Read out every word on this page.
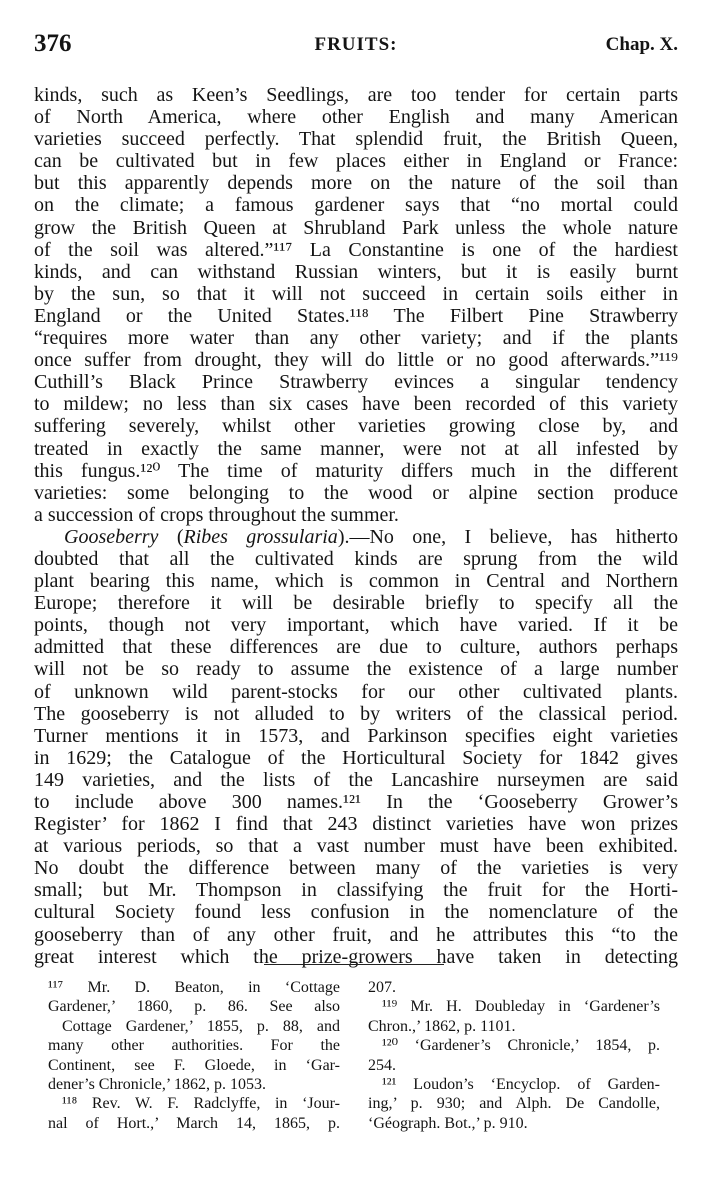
376	FRUITS:	Chap. X.
kinds, such as Keen’s Seedlings, are too tender for certain parts
of North America, where other English and many American
varieties succeed perfectly. That splendid fruit, the British Queen,
can be cultivated but in few places either in England or France:
but this apparently depends more on the nature of the soil than
on the climate; a famous gardener says that “no mortal could
grow the British Queen at Shrubland Park unless the whole nature
of the soil was altered.”¹¹⁷ La Constantine is one of the hardiest
kinds, and can withstand Russian winters, but it is easily burnt
by the sun, so that it will not succeed in certain soils either in
England or the United States.¹¹⁸ The Filbert Pine Strawberry
“requires more water than any other variety; and if the plants
once suffer from drought, they will do little or no good afterwards.”¹¹⁹
Cuthill’s Black Prince Strawberry evinces a singular tendency
to mildew; no less than six cases have been recorded of this variety
suffering severely, whilst other varieties growing close by, and
treated in exactly the same manner, were not at all infested by
this fungus.¹²⁰ The time of maturity differs much in the different
varieties: some belonging to the wood or alpine section produce
a succession of crops throughout the summer.
Gooseberry (Ribes grossularia).—No one, I believe, has hitherto
doubted that all the cultivated kinds are sprung from the wild
plant bearing this name, which is common in Central and Northern
Europe; therefore it will be desirable briefly to specify all the
points, though not very important, which have varied. If it be
admitted that these differences are due to culture, authors perhaps
will not be so ready to assume the existence of a large number
of unknown wild parent-stocks for our other cultivated plants.
The gooseberry is not alluded to by writers of the classical period.
Turner mentions it in 1573, and Parkinson specifies eight varieties
in 1629; the Catalogue of the Horticultural Society for 1842 gives
149 varieties, and the lists of the Lancashire nurseymen are said
to include above 300 names.¹²¹ In the ‘Gooseberry Grower’s
Register’ for 1862 I find that 243 distinct varieties have won prizes
at various periods, so that a vast number must have been exhibited.
No doubt the difference between many of the varieties is very
small; but Mr. Thompson in classifying the fruit for the Horti-
cultural Society found less confusion in the nomenclature of the
gooseberry than of any other fruit, and he attributes this “to the
great interest which the prize-growers have taken in detecting
¹¹⁷ Mr. D. Beaton, in ‘Cottage
Gardener,’ 1860, p. 86. See also
Cottage Gardener,’ 1855, p. 88, and
many other authorities. For the
Continent, see F. Gloede, in ‘Gar-
dener’s Chronicle,’ 1862, p. 1053.
¹¹⁸ Rev. W. F. Radclyffe, in ‘Jour-
nal of Hort.,’ March 14, 1865, p.
207.
¹¹⁹ Mr. H. Doubleday in ‘Gardener’s
Chron.,’ 1862, p. 1101.
¹²⁰ ‘Gardener’s Chronicle,’ 1854, p.
254.
¹²¹ Loudon’s ‘Encyclop. of Garden-
ing,’ p. 930; and Alph. De Candolle,
‘Géograph. Bot.,’ p. 910.
